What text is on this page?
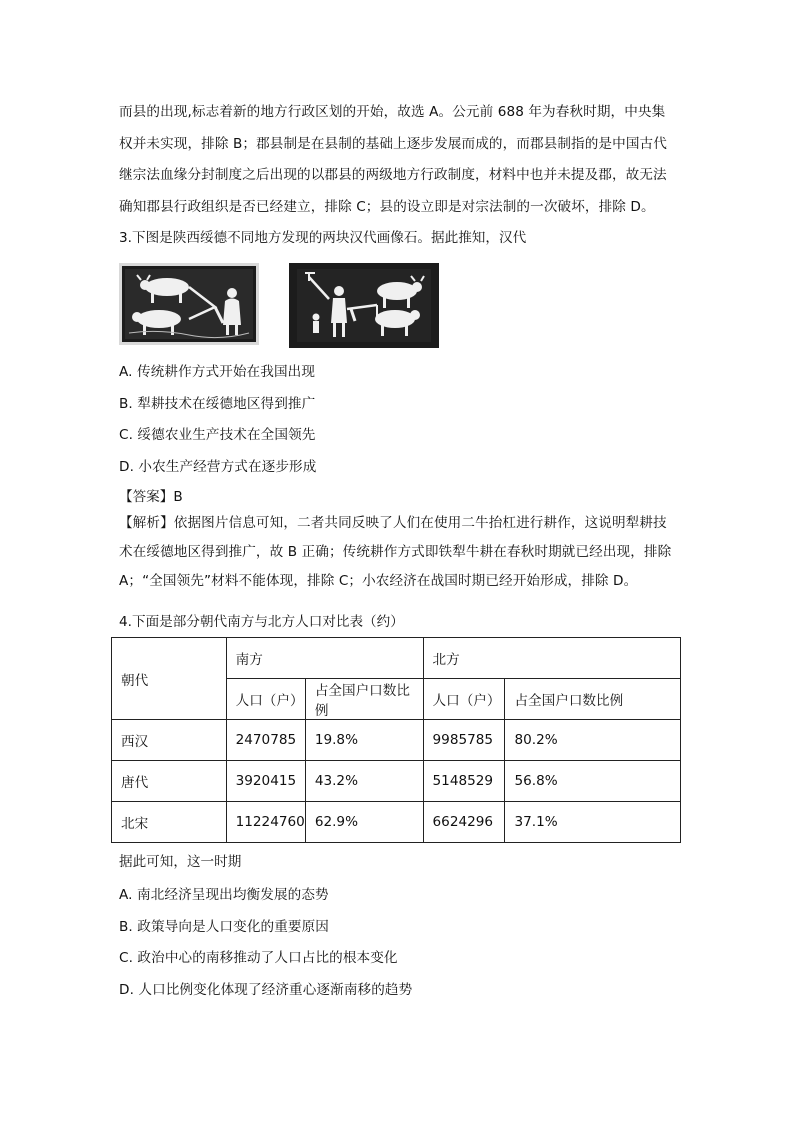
而县的出现,标志着新的地方行政区划的开始，故选 A。公元前 688 年为春秋时期，中央集
权并未实现，排除 B；郡县制是在县制的基础上逐步发展而成的，而郡县制指的是中国古代
继宗法血缘分封制度之后出现的以郡县的两级地方行政制度，材料中也并未提及郡，故无法
确知郡县行政组织是否已经建立，排除 C；县的设立即是对宗法制的一次破坏，排除 D。
3.下图是陕西绥德不同地方发现的两块汉代画像石。据此推知，汉代
A. 传统耕作方式开始在我国出现
B. 犁耕技术在绥德地区得到推广
C. 绥德农业生产技术在全国领先
D. 小农生产经营方式在逐步形成
【答案】B
【解析】依据图片信息可知，二者共同反映了人们在使用二牛抬杠进行耕作，这说明犁耕技
术在绥德地区得到推广，故 B 正确；传统耕作方式即铁犁牛耕在春秋时期就已经出现，排除
A；“全国领先”材料不能体现，排除 C；小农经济在战国时期已经开始形成，排除 D。
4.下面是部分朝代南方与北方人口对比表（约）
朝代	南方		北方	
	人口（户）	占全国户口数比例	人口（户）	占全国户口数比例
西汉	2470785	19.8%	9985785	80.2%
唐代	3920415	43.2%	5148529	56.8%
北宋	11224760	62.9%	6624296	37.1%
据此可知，这一时期
A. 南北经济呈现出均衡发展的态势
B. 政策导向是人口变化的重要原因
C. 政治中心的南移推动了人口占比的根本变化
D. 人口比例变化体现了经济重心逐渐南移的趋势
